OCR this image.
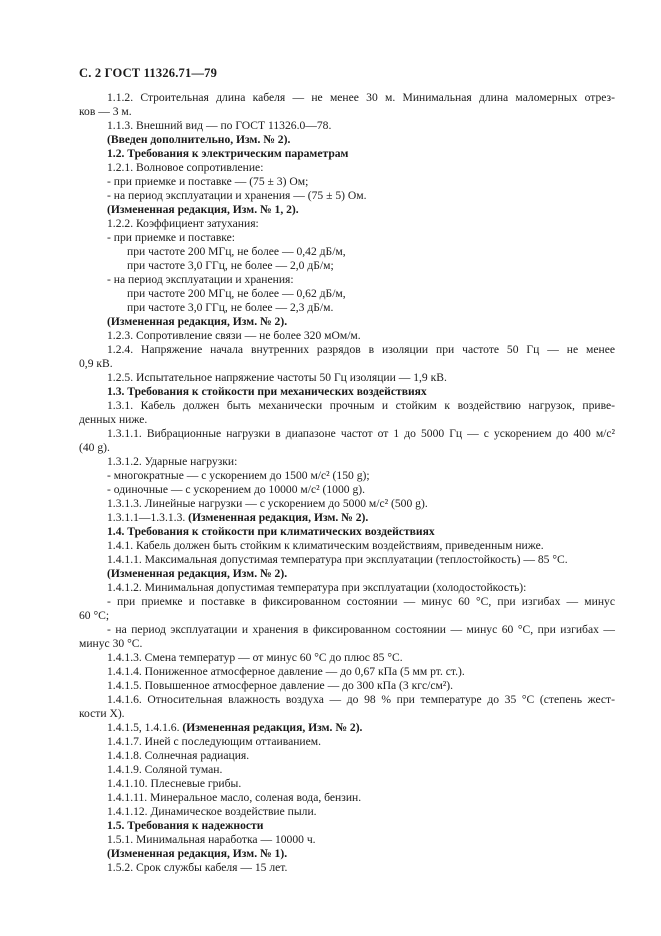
С. 2 ГОСТ 11326.71—79
1.1.2. Строительная длина кабеля — не менее 30 м. Минимальная длина маломерных отрез-
ков — 3 м.
1.1.3. Внешний вид — по ГОСТ 11326.0—78.
(Введен дополнительно, Изм. № 2).
1.2. Требования к электрическим параметрам
1.2.1. Волновое сопротивление:
- при приемке и поставке — (75 ± 3) Ом;
- на период эксплуатации и хранения — (75 ± 5) Ом.
(Измененная редакция, Изм. № 1, 2).
1.2.2. Коэффициент затухания:
- при приемке и поставке:
при частоте 200 МГц, не более — 0,42 дБ/м,
при частоте 3,0 ГГц, не более — 2,0 дБ/м;
- на период эксплуатации и хранения:
при частоте 200 МГц, не более — 0,62 дБ/м,
при частоте 3,0 ГГц, не более — 2,3 дБ/м.
(Измененная редакция, Изм. № 2).
1.2.3. Сопротивление связи — не более 320 мОм/м.
1.2.4. Напряжение начала внутренних разрядов в изоляции при частоте 50 Гц — не менее
0,9 кВ.
1.2.5. Испытательное напряжение частоты 50 Гц изоляции — 1,9 кВ.
1.3. Требования к стойкости при механических воздействиях
1.3.1. Кабель должен быть механически прочным и стойким к воздействию нагрузок, приве-
денных ниже.
1.3.1.1. Вибрационные нагрузки в диапазоне частот от 1 до 5000 Гц — с ускорением до 400 м/с²
(40 g).
1.3.1.2. Ударные нагрузки:
- многократные — с ускорением до 1500 м/с² (150 g);
- одиночные — с ускорением до 10000 м/с² (1000 g).
1.3.1.3. Линейные нагрузки — с ускорением до 5000 м/с² (500 g).
1.3.1.1—1.3.1.3. (Измененная редакция, Изм. № 2).
1.4. Требования к стойкости при климатических воздействиях
1.4.1. Кабель должен быть стойким к климатическим воздействиям, приведенным ниже.
1.4.1.1. Максимальная допустимая температура при эксплуатации (теплостойкость) — 85 °С.
(Измененная редакция, Изм. № 2).
1.4.1.2. Минимальная допустимая температура при эксплуатации (холодостойкость):
- при приемке и поставке в фиксированном состоянии — минус 60 °С, при изгибах — минус
60 °С;
- на период эксплуатации и хранения в фиксированном состоянии — минус 60 °С, при изгибах —
минус 30 °С.
1.4.1.3. Смена температур — от минус 60 °С до плюс 85 °С.
1.4.1.4. Пониженное атмосферное давление — до 0,67 кПа (5 мм рт. ст.).
1.4.1.5. Повышенное атмосферное давление — до 300 кПа (3 кгс/см²).
1.4.1.6. Относительная влажность воздуха — до 98 % при температуре до 35 °С (степень жест-
кости Х).
1.4.1.5, 1.4.1.6. (Измененная редакция, Изм. № 2).
1.4.1.7. Иней с последующим оттаиванием.
1.4.1.8. Солнечная радиация.
1.4.1.9. Соляной туман.
1.4.1.10. Плесневые грибы.
1.4.1.11. Минеральное масло, соленая вода, бензин.
1.4.1.12. Динамическое воздействие пыли.
1.5. Требования к надежности
1.5.1. Минимальная наработка — 10000 ч.
(Измененная редакция, Изм. № 1).
1.5.2. Срок службы кабеля — 15 лет.
